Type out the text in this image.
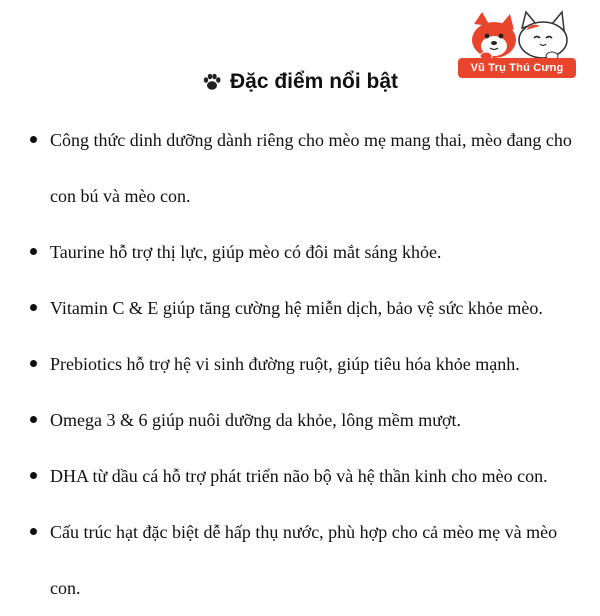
Vũ Trụ Thú Cưng
Đặc điểm nổi bật
Công thức dinh dưỡng dành riêng cho mèo mẹ mang thai, mèo đang cho con bú và mèo con.
Taurine hỗ trợ thị lực, giúp mèo có đôi mắt sáng khỏe.
Vitamin C & E giúp tăng cường hệ miễn dịch, bảo vệ sức khỏe mèo.
Prebiotics hỗ trợ hệ vi sinh đường ruột, giúp tiêu hóa khỏe mạnh.
Omega 3 & 6 giúp nuôi dưỡng da khỏe, lông mềm mượt.
DHA từ dầu cá hỗ trợ phát triển não bộ và hệ thần kinh cho mèo con.
Cấu trúc hạt đặc biệt dễ hấp thụ nước, phù hợp cho cả mèo mẹ và mèo con.
